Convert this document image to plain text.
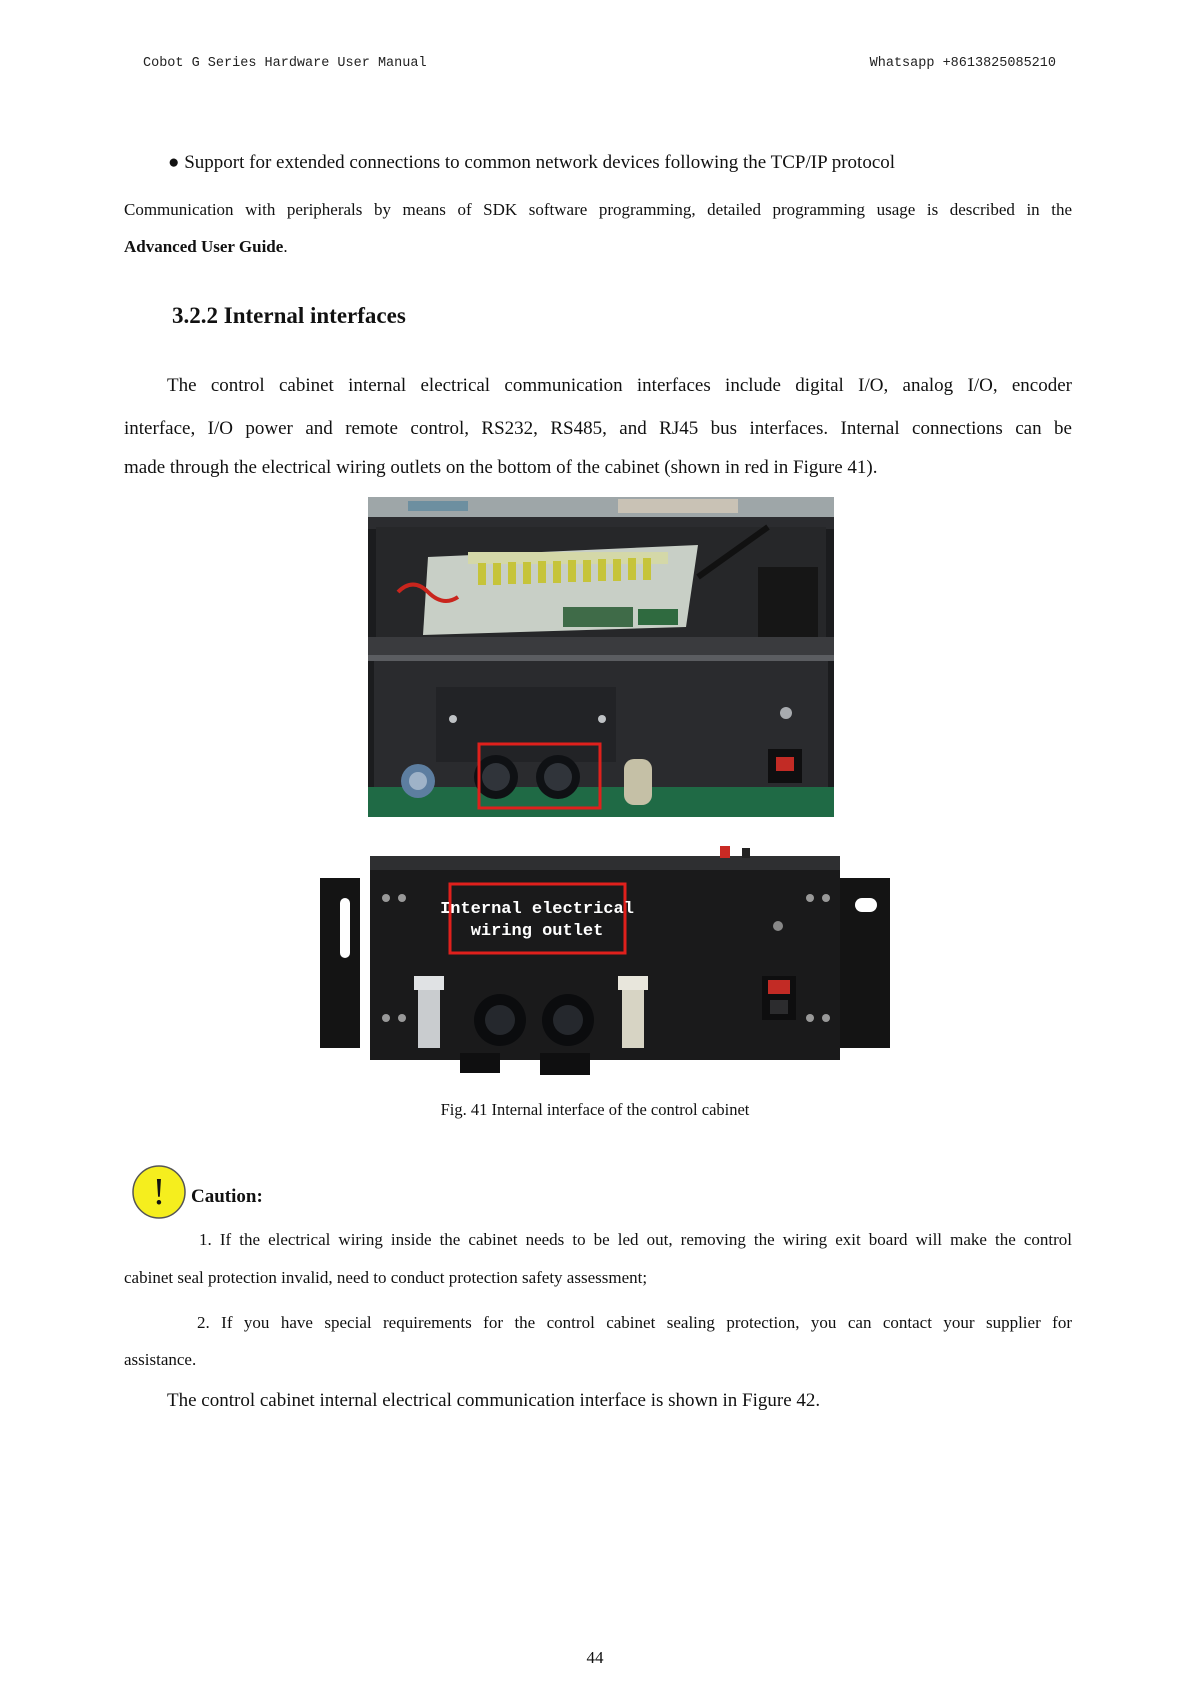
Cobot G Series Hardware User Manual	Whatsapp +8613825085210
● Support for extended connections to common network devices following the TCP/IP protocol
Communication with peripherals by means of SDK software programming, detailed programming usage is described in the
Advanced User Guide.
3.2.2 Internal interfaces
The control cabinet internal electrical communication interfaces include digital I/O, analog I/O, encoder
interface, I/O power and remote control, RS232, RS485, and RJ45 bus interfaces. Internal connections can be
made through the electrical wiring outlets on the bottom of the cabinet (shown in red in Figure 41).
Internal electrical
wiring outlet
Fig. 41 Internal interface of the control cabinet
! Caution:
1. If the electrical wiring inside the cabinet needs to be led out, removing the wiring exit board will make the control
cabinet seal protection invalid, need to conduct protection safety assessment;
2. If you have special requirements for the control cabinet sealing protection, you can contact your supplier for
assistance.
The control cabinet internal electrical communication interface is shown in Figure 42.
44
